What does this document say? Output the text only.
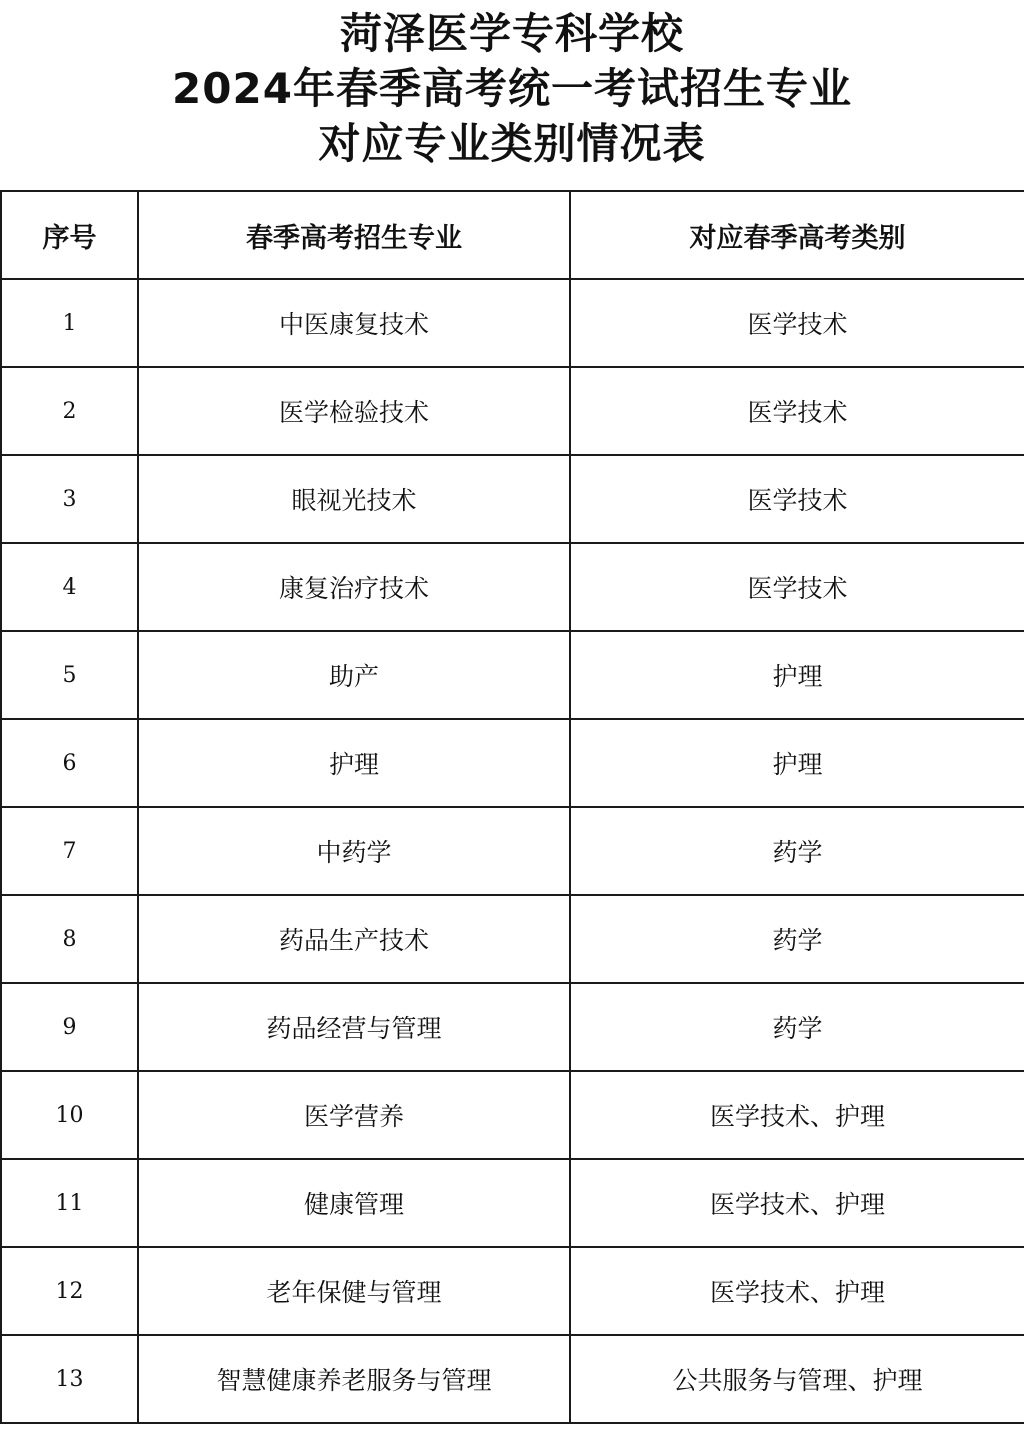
菏泽医学专科学校
2024年春季高考统一考试招生专业
对应专业类别情况表
序号	春季高考招生专业	对应春季高考类别
1	中医康复技术	医学技术
2	医学检验技术	医学技术
3	眼视光技术	医学技术
4	康复治疗技术	医学技术
5	助产	护理
6	护理	护理
7	中药学	药学
8	药品生产技术	药学
9	药品经营与管理	药学
10	医学营养	医学技术、护理
11	健康管理	医学技术、护理
12	老年保健与管理	医学技术、护理
13	智慧健康养老服务与管理	公共服务与管理、护理
